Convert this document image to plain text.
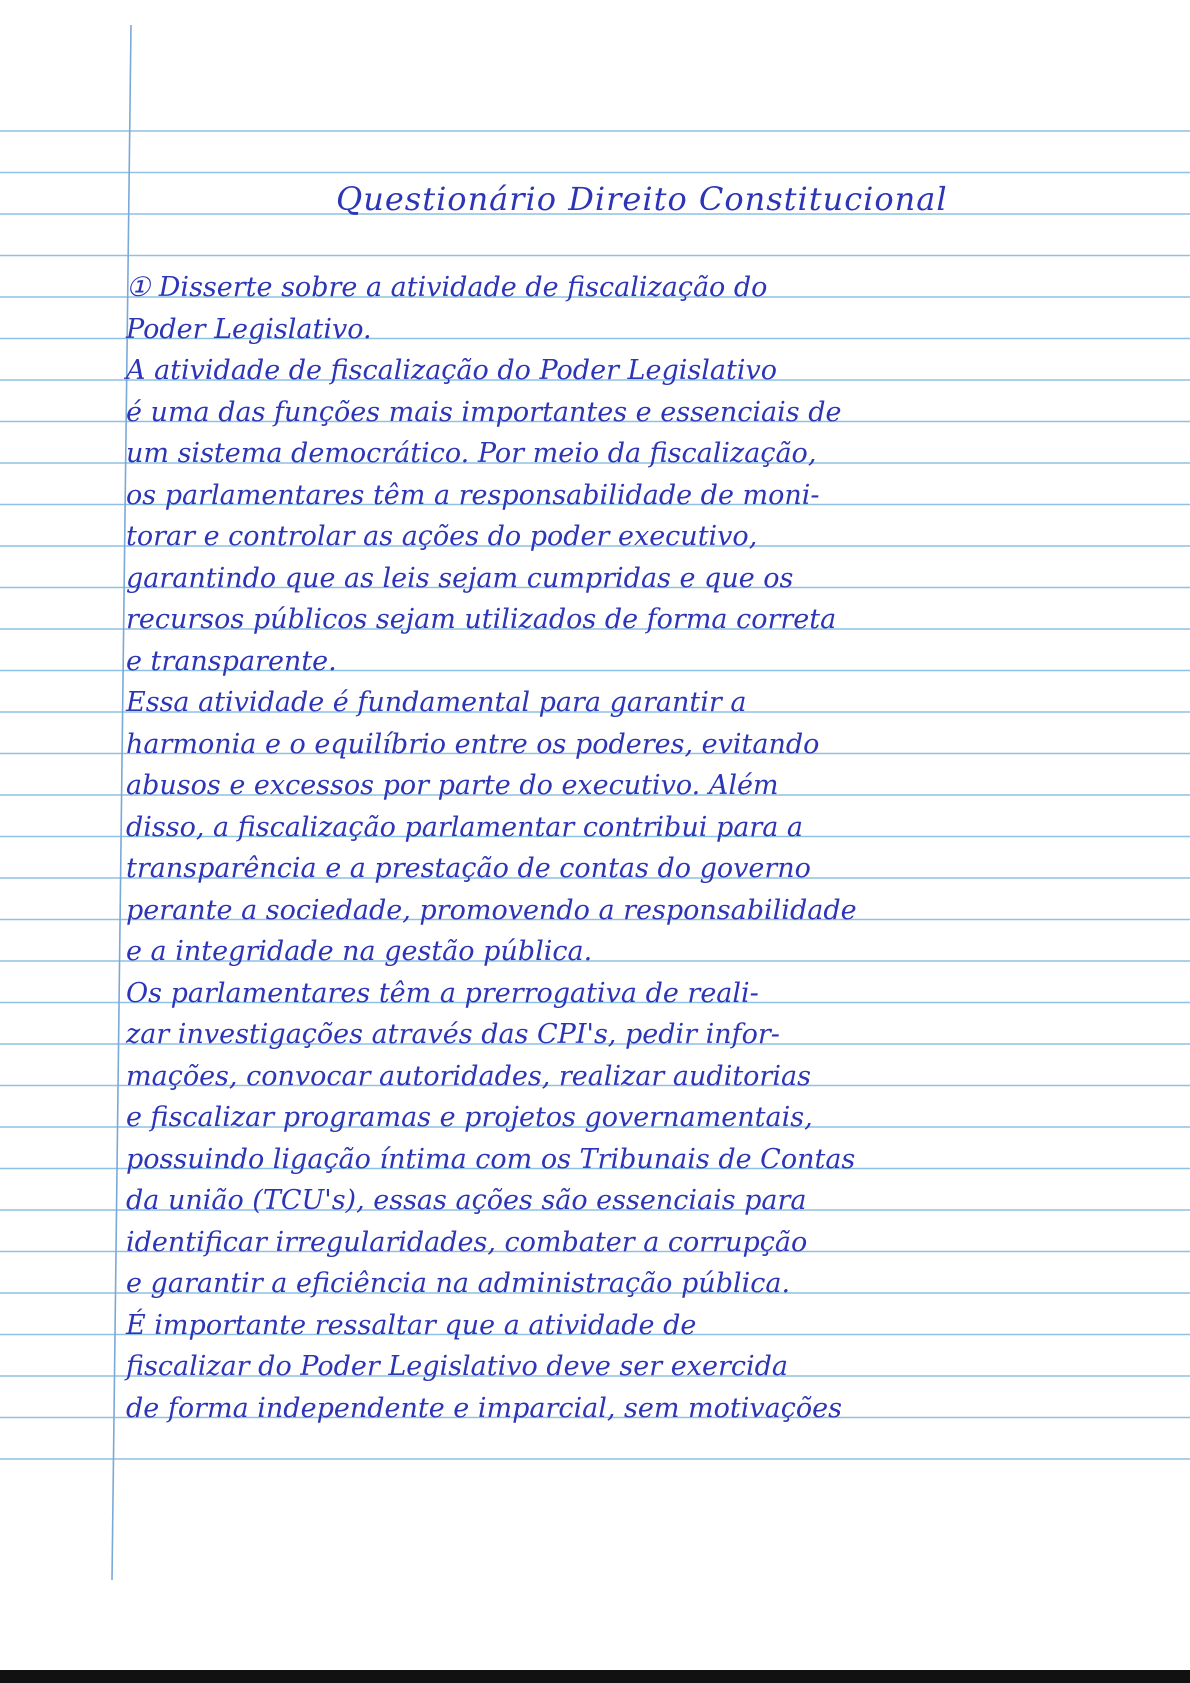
Questionário Direito Constitucional
① Disserte sobre a atividade de fiscalização do
Poder Legislativo.
A atividade de fiscalização do Poder Legislativo
é uma das funções mais importantes e essenciais de
um sistema democrático. Por meio da fiscalização,
os parlamentares têm a responsabilidade de moni-
torar e controlar as ações do poder executivo,
garantindo que as leis sejam cumpridas e que os
recursos públicos sejam utilizados de forma correta
e transparente.
Essa atividade é fundamental para garantir a
harmonia e o equilíbrio entre os poderes, evitando
abusos e excessos por parte do executivo. Além
disso, a fiscalização parlamentar contribui para a
transparência e a prestação de contas do governo
perante a sociedade, promovendo a responsabilidade
e a integridade na gestão pública.
Os parlamentares têm a prerrogativa de reali-
zar investigações através das CPI's, pedir infor-
mações, convocar autoridades, realizar auditorias
e fiscalizar programas e projetos governamentais,
possuindo ligação íntima com os Tribunais de Contas
da união (TCU's), essas ações são essenciais para
identificar irregularidades, combater a corrupção
e garantir a eficiência na administração pública.
É importante ressaltar que a atividade de
fiscalizar do Poder Legislativo deve ser exercida
de forma independente e imparcial, sem motivações
